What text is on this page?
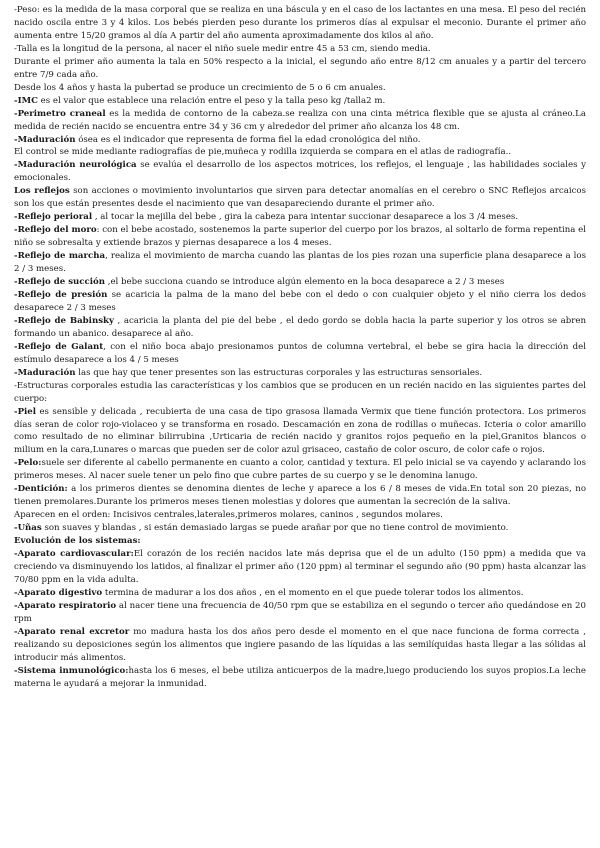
-Peso: es la medida de la masa corporal que se realiza en una báscula y en el caso de los lactantes en una mesa. El peso del recién nacido oscila entre 3 y 4 kilos. Los bebés pierden peso durante los primeros días al expulsar el meconio. Durante el primer año aumenta entre 15/20 gramos al día A partir del año aumenta aproximadamente dos kilos al año.

-Talla es la longitud de la persona, al nacer el niño suele medir entre 45 a 53 cm, siendo media.

Durante el primer año aumenta la tala en 50% respecto a la inicial, el segundo año entre 8/12 cm anuales y a partir del tercero entre 7/9 cada año.

Desde los 4 años y hasta la pubertad se produce un crecimiento de 5 o 6 cm anuales.

-IMC es el valor que establece una relación entre el peso y la talla peso kg /talla2 m.

-Perimetro craneal es la medida de contorno de la cabeza.se realiza con una cinta métrica flexible que se ajusta al cráneo.La medida de recién nacido se encuentra entre 34 y 36 cm y alrededor del primer año alcanza los 48 cm.

-Maduración ósea es el indicador que representa de forma fiel la edad cronológica del niño.

El control se mide mediante radiografías de pie,muñeca y rodilla izquierda se compara en el atlas de radiografía..

-Maduración neurológica se evalúa el desarrollo de los aspectos motrices, los reflejos, el lenguaje , las habilidades sociales y emocionales.

Los reflejos son acciones o movimiento involuntarios que sirven para detectar anomalías en el cerebro o SNC Reflejos arcaicos son los que están presentes desde el nacimiento que van desapareciendo durante el primer año.

-Reflejo perioral , al tocar la mejilla del bebe , gira la cabeza para intentar succionar desaparece a los 3 /4 meses.

-Reflejo del moro: con el bebe acostado, sostenemos la parte superior del cuerpo por los brazos, al soltarlo de forma repentina el niño se sobresalta y extiende brazos y piernas desaparece a los 4 meses.

-Reflejo de marcha, realiza el movimiento de marcha cuando las plantas de los pies rozan una superficie plana desaparece a los 2 / 3 meses.

-Reflejo de succión ,el bebe succiona cuando se introduce algún elemento en la boca desaparece a 2 / 3 meses

-Reflejo de presión se acaricia la palma de la mano del bebe con el dedo o con cualquier objeto y el niño cierra los dedos desaparece 2 / 3 meses

-Reflejo de Babinsky , acaricia la planta del pie del bebe , el dedo gordo se dobla hacia la parte superior y los otros se abren formando un abanico. desaparece al año.

-Reflejo de Galant, con el niño boca abajo presionamos puntos de columna vertebral, el bebe se gira hacia la dirección del estímulo desaparece a los 4 / 5 meses

-Maduración las que hay que tener presentes son las estructuras corporales y las estructuras sensoriales.

-Estructuras corporales estudia las características y los cambios que se producen en un recién nacido en las siguientes partes del cuerpo:

-Piel es sensible y delicada , recubierta de una casa de tipo grasosa llamada Vermix que tiene función protectora. Los primeros días seran de color rojo-violaceo y se transforma en rosado. Descamación en zona de rodillas o muñecas. Icteria o color amarillo como resultado de no eliminar bilirrubina ,Urticaria de recién nacido y granitos rojos pequeño en la piel,Granitos blancos o milium en la cara,Lunares o marcas que pueden ser de color azul grisaceo, castaño de color oscuro, de color cafe o rojos.

-Pelo:suele ser diferente al cabello permanente en cuanto a color, cantidad y textura. El pelo inicial se va cayendo y aclarando los primeros meses. Al nacer suele tener un pelo fino que cubre partes de su cuerpo y se le denomina lanugo.

-Dentición: a los primeros dientes se denomina dientes de leche y aparece a los 6 / 8 meses de vida.En total son 20 piezas, no tienen premolares.Durante los primeros meses tienen molestias y dolores que aumentan la secreción de la saliva.

Aparecen en el orden: Incisivos centrales,laterales,primeros molares, caninos , segundos molares.

-Uñas son suaves y blandas , si están demasiado largas se puede arañar por que no tiene control de movimiento.

Evolución de los sistemas:

-Aparato cardiovascular:El corazón de los recién nacidos late más deprisa que el de un adulto (150 ppm) a medida que va creciendo va disminuyendo los latidos, al finalizar el primer año (120 ppm) al terminar el segundo año (90 ppm) hasta alcanzar las 70/80 ppm en la vida adulta.

-Aparato digestivo termina de madurar a los dos años , en el momento en el que puede tolerar todos los alimentos.

-Aparato respiratorio al nacer tiene una frecuencia de 40/50 rpm que se estabiliza en el segundo o tercer año quedándose en 20 rpm

-Aparato renal excretor mo madura hasta los dos años pero desde el momento en el que nace funciona de forma correcta , realizando su deposiciones según los alimentos que ingiere pasando de las líquidas a las semilíquidas hasta llegar a las sólidas al introducir más alimentos.

-Sistema inmunológico:hasta los 6 meses, el bebe utiliza anticuerpos de la madre,luego produciendo los suyos propios.La leche materna le ayudará a mejorar la inmunidad.
